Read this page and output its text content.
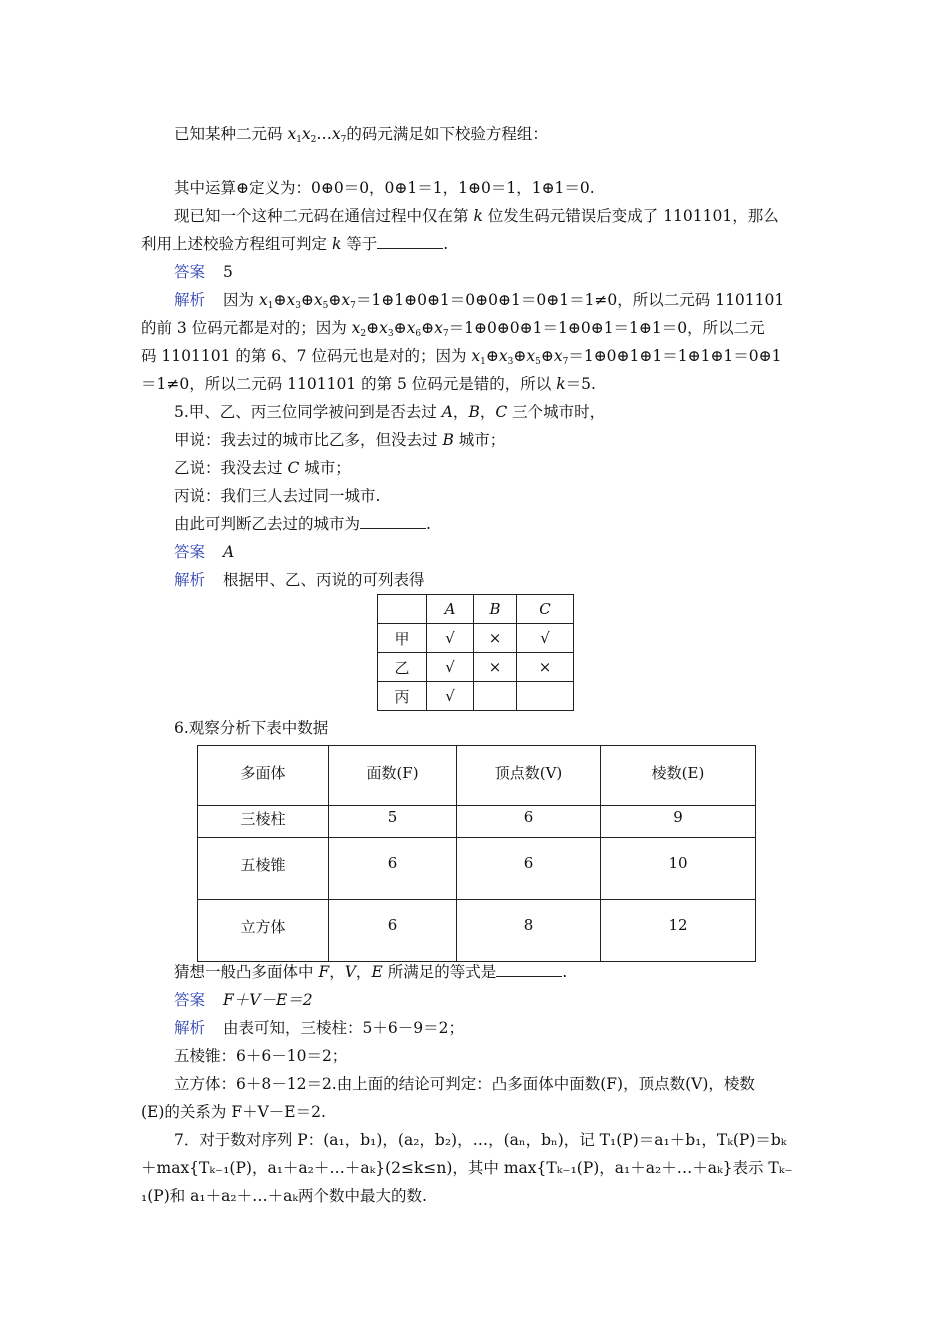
已知某种二元码 $x_1x_2\dots x_7$的码元满足如下校验方程组：
其中运算⊕定义为：0⊕0＝0，0⊕1＝1，1⊕0＝1，1⊕1＝0.
现已知一个这种二元码在通信过程中仅在第 k 位发生码元错误后变成了 1101101，那么
利用上述校验方程组可判定 k 等于	.
答案 5
解析 因为 $x_1\oplus x_3\oplus x_5\oplus x_7=1\oplus 1\oplus 0\oplus 1=0\oplus 0\oplus 1=0\oplus 1=1\ne 0$，所以二元码 1101101
的前 3 位码元都是对的；因为 $x_2\oplus x_3\oplus x_6\oplus x_7=1\oplus 0\oplus 0\oplus 1=1\oplus 0\oplus 1=1\oplus 1=0$，所以二元
码 1101101 的第 6、7 位码元也是对的；因为 $x_1\oplus x_3\oplus x_5\oplus x_7=1\oplus 0\oplus 1\oplus 1=1\oplus 1\oplus 1=0\oplus 1$
＝1≠0，所以二元码 1101101 的第 5 位码元是错的，所以 k＝5.
5.甲、乙、丙三位同学被问到是否去过 A，B，C 三个城市时，
甲说：我去过的城市比乙多，但没去过 B 城市；
乙说：我没去过 C 城市；
丙说：我们三人去过同一城市.
由此可判断乙去过的城市为	.
答案 A
解析 根据甲、乙、丙说的可列表得
	A	B	C
甲	√	×	√
乙	√	×	×
丙	√		
6.观察分析下表中数据
多面体	面数(F)	顶点数(V)	棱数(E)
三棱柱	5	6	9
五棱锥	6	6	10
立方体	6	8	12
猜想一般凸多面体中 F，V，E 所满足的等式是	.
答案 F＋V－E＝2
解析 由表可知，三棱柱：5＋6－9＝2；
五棱锥：6＋6－10＝2；
立方体：6＋8－12＝2.由上面的结论可判定：凸多面体中面数(F)，顶点数(V)，棱数
(E)的关系为 F＋V－E＝2.
7．对于数对序列 P：(a₁，b₁)，(a₂，b₂)，…，(aₙ，bₙ)，记 T₁(P)＝a₁＋b₁，Tₖ(P)＝bₖ
＋max{Tₖ₋₁(P)，a₁＋a₂＋…＋aₖ}(2≤k≤n)，其中 max{Tₖ₋₁(P)，a₁＋a₂＋…＋aₖ}表示 Tₖ₋
₁(P)和 a₁＋a₂＋…＋aₖ两个数中最大的数.
